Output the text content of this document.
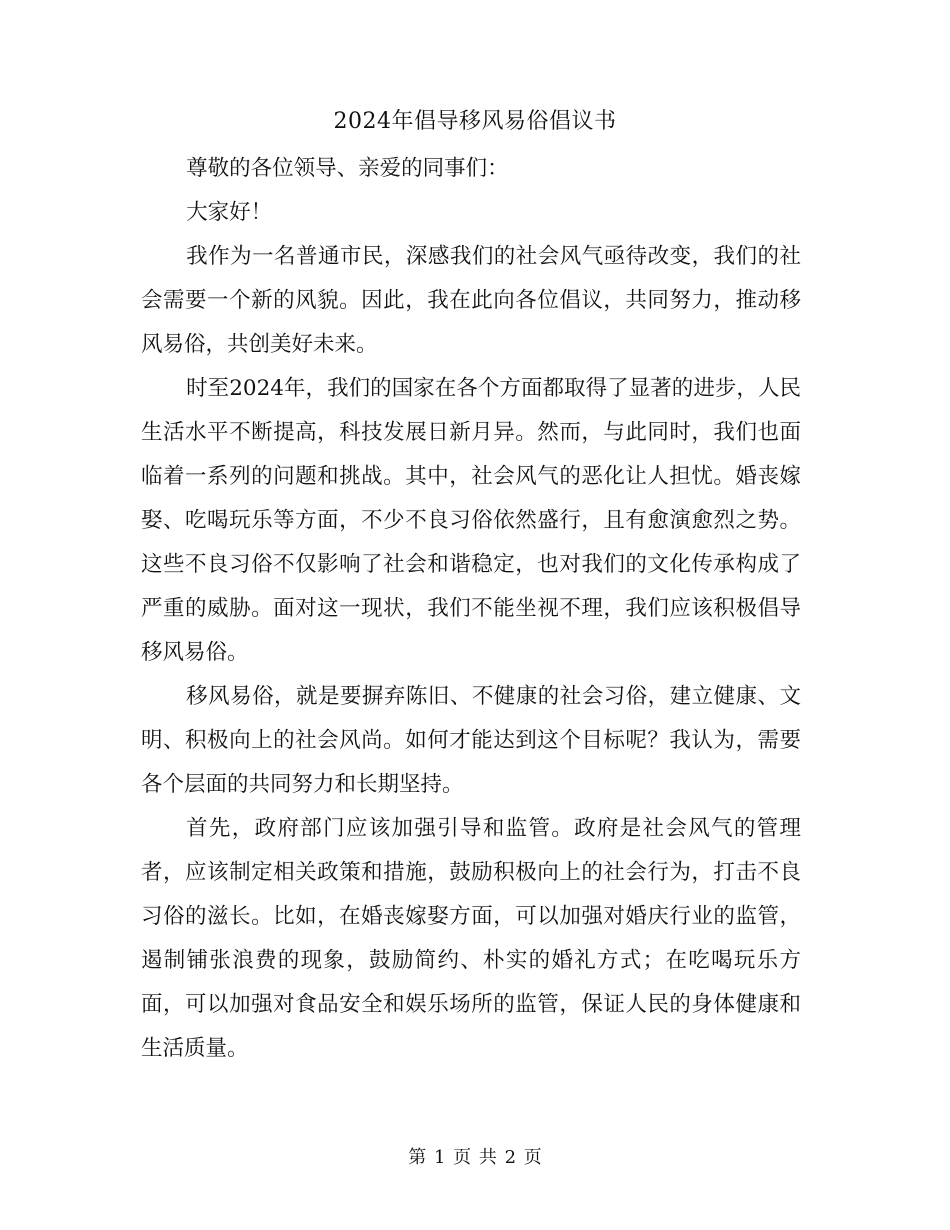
2024年倡导移风易俗倡议书

尊敬的各位领导、亲爱的同事们：

大家好！

我作为一名普通市民，深感我们的社会风气亟待改变，我们的社会需要一个新的风貌。因此，我在此向各位倡议，共同努力，推动移风易俗，共创美好未来。

时至2024年，我们的国家在各个方面都取得了显著的进步，人民生活水平不断提高，科技发展日新月异。然而，与此同时，我们也面临着一系列的问题和挑战。其中，社会风气的恶化让人担忧。婚丧嫁娶、吃喝玩乐等方面，不少不良习俗依然盛行，且有愈演愈烈之势。这些不良习俗不仅影响了社会和谐稳定，也对我们的文化传承构成了严重的威胁。面对这一现状，我们不能坐视不理，我们应该积极倡导移风易俗。

移风易俗，就是要摒弃陈旧、不健康的社会习俗，建立健康、文明、积极向上的社会风尚。如何才能达到这个目标呢？我认为，需要各个层面的共同努力和长期坚持。

首先，政府部门应该加强引导和监管。政府是社会风气的管理者，应该制定相关政策和措施，鼓励积极向上的社会行为，打击不良习俗的滋长。比如，在婚丧嫁娶方面，可以加强对婚庆行业的监管，遏制铺张浪费的现象，鼓励简约、朴实的婚礼方式；在吃喝玩乐方面，可以加强对食品安全和娱乐场所的监管，保证人民的身体健康和生活质量。

第 1 页 共 2 页
